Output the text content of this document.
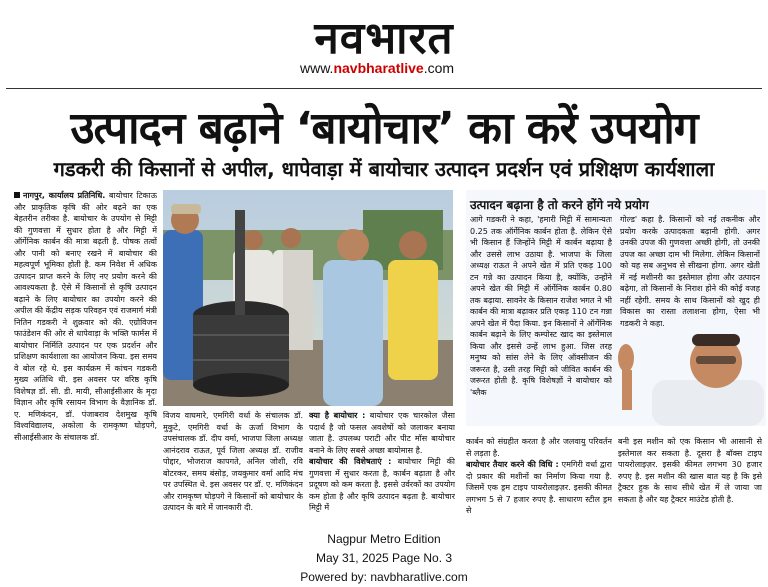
नवभारत
www.navbharatlive.com
उत्पादन बढ़ाने ‘बायोचार’ का करें उपयोग
गडकरी की किसानों से अपील, धापेवाड़ा में बायोचार उत्पादन प्रदर्शन एवं प्रशिक्षण कार्यशाला
नागपुर, कार्यालय प्रतिनिधि. बायोचार टिकाऊ और प्राकृतिक कृषि की ओर बढ़ने का एक बेहतरीन तरीका है. बायोचार के उपयोग से मिट्टी की गुणवत्ता में सुधार होता है और मिट्टी में ऑर्गेनिक कार्बन की मात्रा बढ़ती है. पोषक तत्वों और पानी को बनाए रखने में बायोचार की महत्वपूर्ण भूमिका होती है. कम निवेश में अधिक उत्पादन प्राप्त करने के लिए नए प्रयोग करने की आवश्यकता है. ऐसे में किसानों से कृषि उत्पादन बढ़ाने के लिए बायोचार का उपयोग करने की अपील की केंद्रीय सड़क परिवहन एवं राजमार्ग मंत्री नितिन गडकरी ने शुक्रवार को की. एग्रोविजन फाउंडेशन की ओर से धापेवाड़ा के भक्ति फार्मस में बायोचार निर्मिति उत्पादन पर एक प्रदर्शन और प्रशिक्षण कार्यशाला का आयोजन किया. इस समय वे बोल रहे थे. इस कार्यक्रम में कांचन गडकरी मुख्य अतिथि थी. इस अवसर पर वरिष्ठ कृषि विशेषज्ञ डॉ. सी. डी. मायी, सीआईसीआर के मृदा विज्ञान और कृषि रसायन विभाग के वैज्ञानिक डॉ. ए. मणिकंदन, डॉ. पंजाबराव देशमुख कृषि विश्वविद्यालय, अकोला के रामकृष्ण घोड़पगे, सीआईसीआर के संचालक डॉ.
विजय वाघमारे, एमगिरी वर्धा के संचालक डॉ. मुकुटे, एमगिरी वर्धा के ऊर्जा विभाग के उपसंचालक डॉ. दीप वर्मा, भाजपा जिला अध्यक्ष आनंदराव राऊत, पूर्व जिला अध्यक्ष डॉ. राजीव पोद्दार, भोजराज कापगते, अनिल जोशी, रवि बोटरकर, समय बंसोड़, जयकुमार वर्मा आदि मंच पर उपस्थित थे. इस अवसर पर डॉ. ए. मणिकंदन और रामकृष्ण घोड़पगे ने किसानों को बायोचार के उत्पादन के बारे में जानकारी दी.
क्या है बायोचार : बायोचार एक चारकोल जैसा पदार्थ है जो फसल अवशेषों को जलाकर बनाया जाता है. उपलब्ध पराटी और पीट मॉस बायोचार बनाने के लिए सबसे अच्छा बायोमास है.
बायोचार की विशेषताएं : बायोचार मिट्टी की गुणवत्ता में सुधार करता है, कार्बन बढ़ाता है और प्रदूषण को कम करता है. इससे उर्वरकों का उपयोग कम होता है और कृषि उत्पादन बढ़ता है. बायोचार मिट्टी में
उत्पादन बढ़ाना है तो करने होंगे नये प्रयोग
आगे गडकरी ने कहा, 'हमारी मिट्टी में सामान्यतः 0.25 तक ऑर्गेनिक कार्बन होता है. लेकिन ऐसे भी किसान हैं जिन्होंने मिट्टी में कार्बन बढ़ाया है और उससे लाभ उठाया है. भाजपा के जिला अध्यक्ष राऊत ने अपने खेत में प्रति एकड़ 100 टन गन्ने का उत्पादन किया है, क्योंकि, उन्होंने अपने खेत की मिट्टी में ऑर्गेनिक कार्बन 0.80 तक बढ़ाया. सावनेर के किसान राजेश भगत ने भी कार्बन की मात्रा बढ़ाकर प्रति एकड़ 110 टन गन्ना अपने खेत में पैदा किया. इन किसानों ने ऑर्गेनिक कार्बन बढ़ाने के लिए कम्पोस्ट खाद का इस्तेमाल किया और इससे उन्हें लाभ हुआ. जिस तरह मनुष्य को सांस लेने के लिए ऑक्सीजन की जरूरत है, उसी तरह मिट्टी को जीवित कार्बन की जरूरत होती है. कृषि विशेषज्ञों ने बायोचार को 'ब्लैक
गोल्ड' कहा है. किसानों को नई तकनीक और प्रयोग करके उत्पादकता बढ़ानी होगी. अगर उनकी उपज की गुणवत्ता अच्छी होगी, तो उनकी उपज का अच्छा दाम भी मिलेगा. लेकिन किसानों को यह सब अनुभव से सीखना होगा. अगर खेती में नई मशीनरी का इस्तेमाल होगा और उत्पादन बढ़ेगा, तो किसानों के निराश होने की कोई वजह नहीं रहेगी. समय के साथ किसानों को खुद ही विकास का रास्ता तलाशना होगा, ऐसा भी गडकरी ने कहा.
कार्बन को संग्रहीत करता है और जलवायु परिवर्तन से लड़ता है.
बायोचार तैयार करने की विधि : एमगिरी वर्धा द्वारा दो प्रकार की मशीनों का निर्माण किया गया है. जिसमें एक ड्रम टाइप पायरोलाइज़र. इसकी कीमत लगभग 5 से 7 हजार रुपए है. साधारण स्टील ड्रम से
बनी इस मशीन को एक किसान भी आसानी से इस्तेमाल कर सकता है. दूसरा है बॉक्स टाइप पायरोलाइज़र. इसकी कीमत लगभग 30 हजार रुपए है. इस मशीन की खास बात यह है कि इसे ट्रैक्टर हुक के साथ सीधे खेत में ले जाया जा सकता है और यह ट्रैक्टर माउंटेड होती है.
Nagpur Metro Edition
May 31, 2025 Page No. 3
Powered by: navbharatlive.com
